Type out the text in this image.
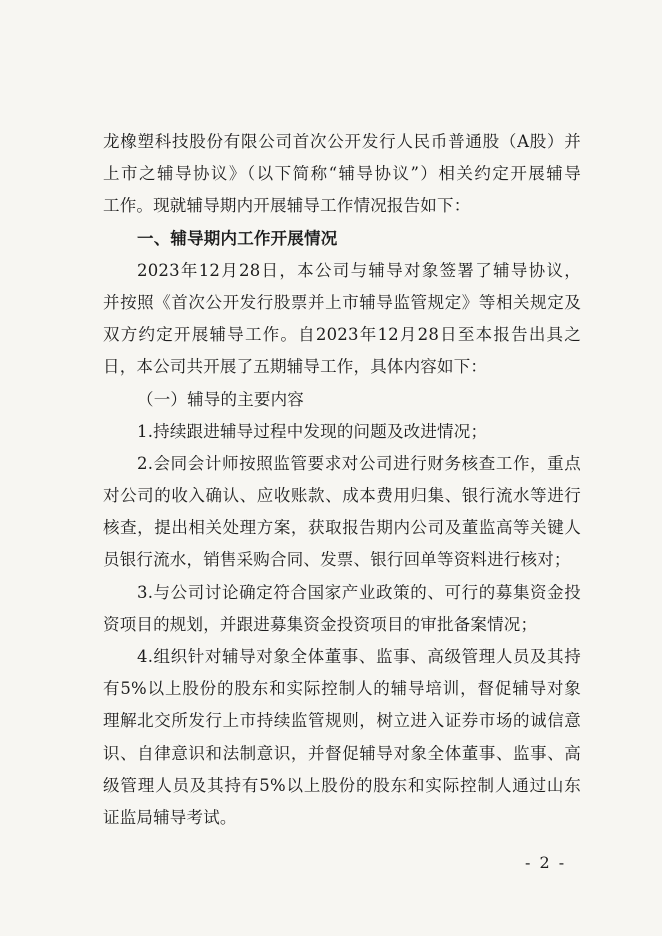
龙橡塑科技股份有限公司首次公开发行人民币普通股（A股）并
上市之辅导协议》（以下简称“辅导协议”）相关约定开展辅导
工作。现就辅导期内开展辅导工作情况报告如下：
一、辅导期内工作开展情况
2023年12月28日，本公司与辅导对象签署了辅导协议，
并按照《首次公开发行股票并上市辅导监管规定》等相关规定及
双方约定开展辅导工作。自2023年12月28日至本报告出具之
日，本公司共开展了五期辅导工作，具体内容如下：
（一）辅导的主要内容
1.持续跟进辅导过程中发现的问题及改进情况；
2.会同会计师按照监管要求对公司进行财务核查工作，重点
对公司的收入确认、应收账款、成本费用归集、银行流水等进行
核查，提出相关处理方案，获取报告期内公司及董监高等关键人
员银行流水，销售采购合同、发票、银行回单等资料进行核对；
3.与公司讨论确定符合国家产业政策的、可行的募集资金投
资项目的规划，并跟进募集资金投资项目的审批备案情况；
4.组织针对辅导对象全体董事、监事、高级管理人员及其持
有5%以上股份的股东和实际控制人的辅导培训，督促辅导对象
理解北交所发行上市持续监管规则，树立进入证券市场的诚信意
识、自律意识和法制意识，并督促辅导对象全体董事、监事、高
级管理人员及其持有5%以上股份的股东和实际控制人通过山东
证监局辅导考试。
- 2 -
